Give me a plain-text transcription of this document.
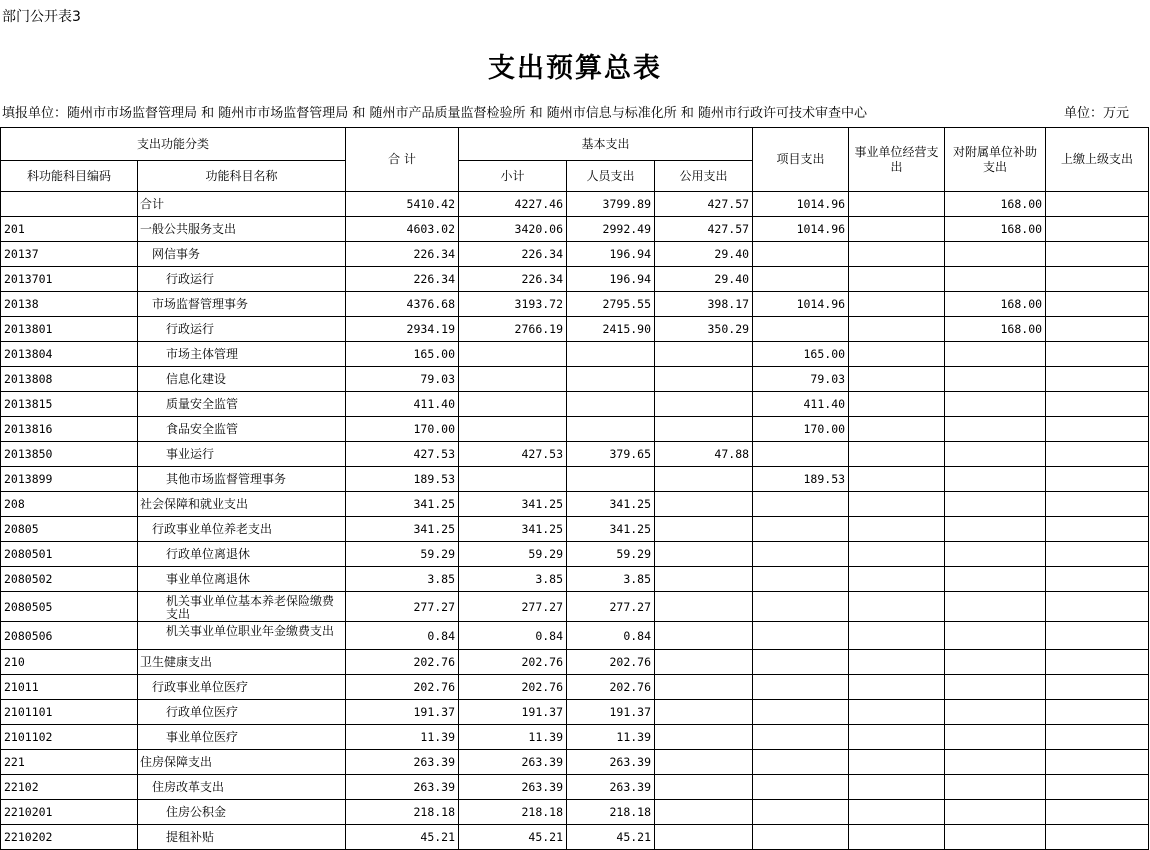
部门公开表3
支出预算总表
填报单位：随州市市场监督管理局 和 随州市市场监督管理局 和 随州市产品质量监督检验所 和 随州市信息与标准化所 和 随州市行政许可技术审查中心	单位：万元
支出功能分类		合 计	基本支出			项目支出	事业单位经营支出	对附属单位补助支出	上缴上级支出
科功能科目编码	功能科目名称		小计	人员支出	公用支出				
	合计	5410.42	4227.46	3799.89	427.57	1014.96		168.00	
201	一般公共服务支出	4603.02	3420.06	2992.49	427.57	1014.96		168.00	
20137	网信事务	226.34	226.34	196.94	29.40				
2013701	行政运行	226.34	226.34	196.94	29.40				
20138	市场监督管理事务	4376.68	3193.72	2795.55	398.17	1014.96		168.00	
2013801	行政运行	2934.19	2766.19	2415.90	350.29			168.00	
2013804	市场主体管理	165.00				165.00			
2013808	信息化建设	79.03				79.03			
2013815	质量安全监管	411.40				411.40			
2013816	食品安全监管	170.00				170.00			
2013850	事业运行	427.53	427.53	379.65	47.88				
2013899	其他市场监督管理事务	189.53				189.53			
208	社会保障和就业支出	341.25	341.25	341.25					
20805	行政事业单位养老支出	341.25	341.25	341.25					
2080501	行政单位离退休	59.29	59.29	59.29					
2080502	事业单位离退休	3.85	3.85	3.85					
2080505	机关事业单位基本养老保险缴费支出	277.27	277.27	277.27					
2080506	机关事业单位职业年金缴费支出	0.84	0.84	0.84					
210	卫生健康支出	202.76	202.76	202.76					
21011	行政事业单位医疗	202.76	202.76	202.76					
2101101	行政单位医疗	191.37	191.37	191.37					
2101102	事业单位医疗	11.39	11.39	11.39					
221	住房保障支出	263.39	263.39	263.39					
22102	住房改革支出	263.39	263.39	263.39					
2210201	住房公积金	218.18	218.18	218.18					
2210202	提租补贴	45.21	45.21	45.21					
